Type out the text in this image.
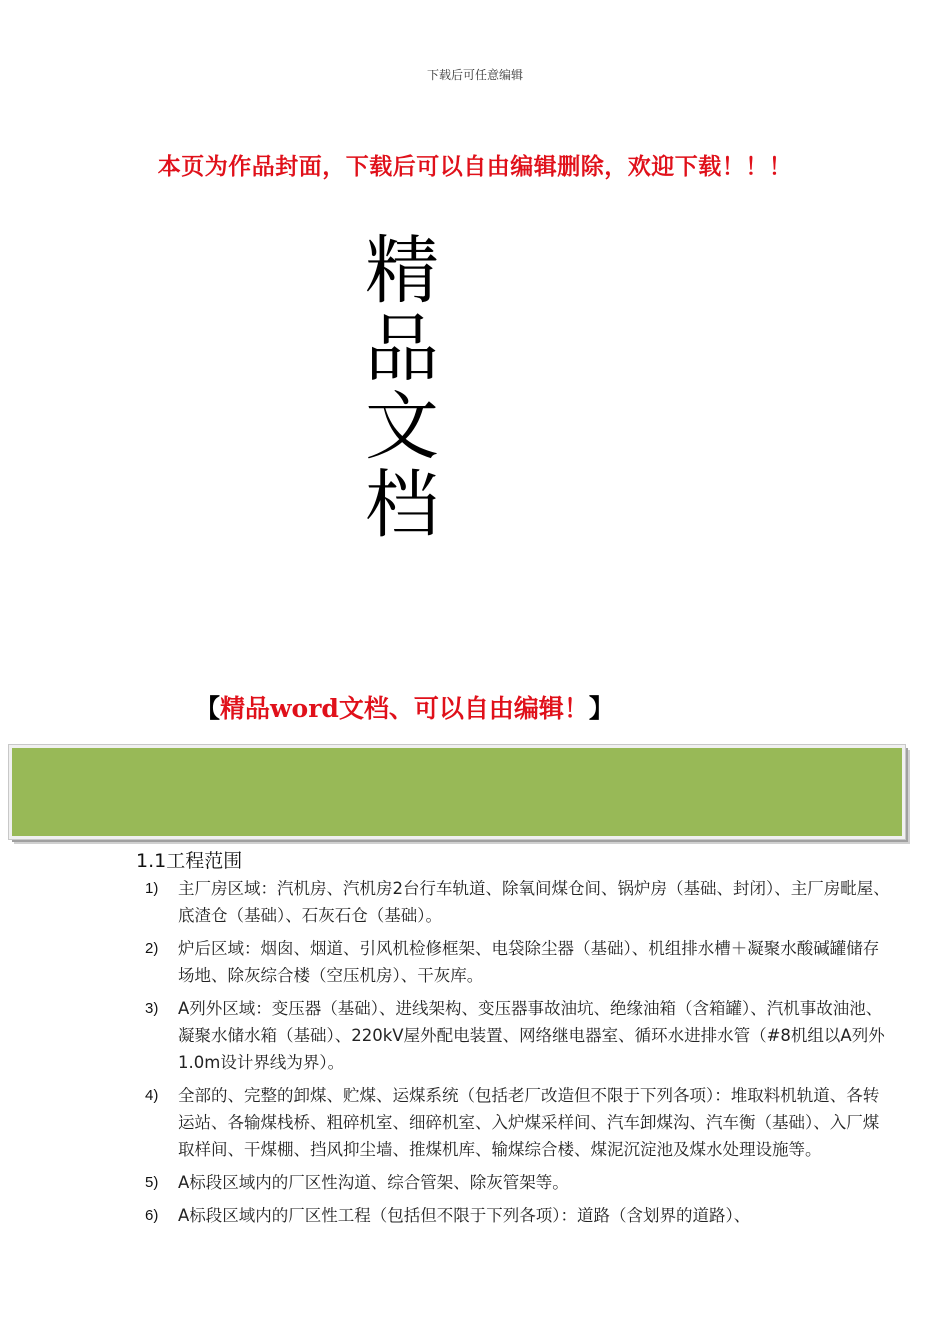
下载后可任意编辑
本页为作品封面，下载后可以自由编辑删除，欢迎下载！！！
精
品
文
档
【精品word文档、可以自由编辑！】
1.1工程范围
1) 主厂房区域：汽机房、汽机房2台行车轨道、除氧间煤仓间、锅炉房（基础、封闭）、主厂房毗屋、底渣仓（基础）、石灰石仓（基础）。
2) 炉后区域：烟囱、烟道、引风机检修框架、电袋除尘器（基础）、机组排水槽＋凝聚水酸碱罐储存场地、除灰综合楼（空压机房）、干灰库。
3) A列外区域：变压器（基础）、进线架构、变压器事故油坑、绝缘油箱（含箱罐）、汽机事故油池、凝聚水储水箱（基础）、220kV屋外配电装置、网络继电器室、循环水进排水管（#8机组以A列外1.0m设计界线为界）。
4) 全部的、完整的卸煤、贮煤、运煤系统（包括老厂改造但不限于下列各项）：堆取料机轨道、各转运站、各输煤栈桥、粗碎机室、细碎机室、入炉煤采样间、汽车卸煤沟、汽车衡（基础）、入厂煤取样间、干煤棚、挡风抑尘墙、推煤机库、输煤综合楼、煤泥沉淀池及煤水处理设施等。
5) A标段区域内的厂区性沟道、综合管架、除灰管架等。
6) A标段区域内的厂区性工程（包括但不限于下列各项）：道路（含划界的道路）、
